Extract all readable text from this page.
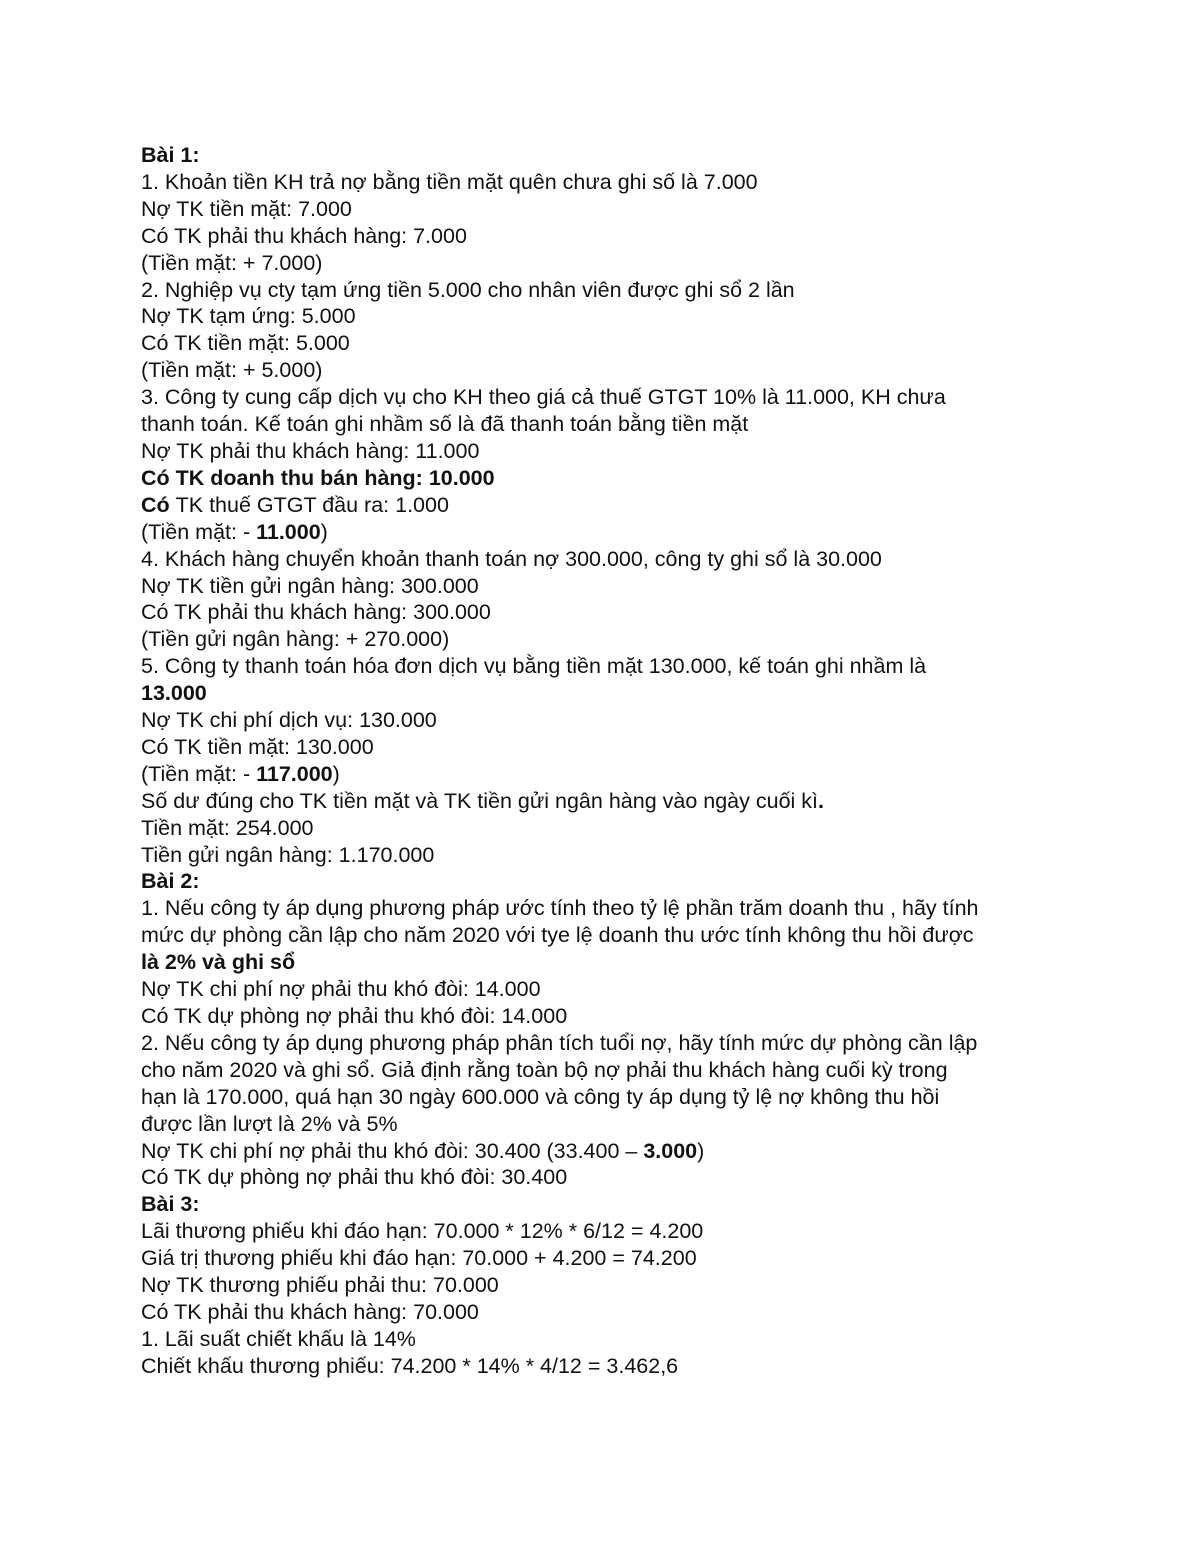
Bài 1:

1. Khoản tiền KH trả nợ bằng tiền mặt quên chưa ghi số là 7.000

Nợ TK tiền mặt: 7.000

Có TK phải thu khách hàng: 7.000

(Tiền mặt: + 7.000)

2. Nghiệp vụ cty tạm ứng tiền 5.000 cho nhân viên được ghi sổ 2 lần

Nợ TK tạm ứng: 5.000

Có TK tiền mặt: 5.000

(Tiền mặt: + 5.000)

3. Công ty cung cấp dịch vụ cho KH theo giá cả thuế GTGT 10% là 11.000, KH chưa

thanh toán. Kế toán ghi nhầm số là đã thanh toán bằng tiền mặt

Nợ TK phải thu khách hàng: 11.000

Có TK doanh thu bán hàng: 10.000

Có TK thuế GTGT đầu ra: 1.000

(Tiền mặt: - 11.000)

4. Khách hàng chuyển khoản thanh toán nợ 300.000, công ty ghi sổ là 30.000

Nợ TK tiền gửi ngân hàng: 300.000

Có TK phải thu khách hàng: 300.000

(Tiền gửi ngân hàng: + 270.000)

5. Công ty thanh toán hóa đơn dịch vụ bằng tiền mặt 130.000, kế toán ghi nhầm là

13.000

Nợ TK chi phí dịch vụ: 130.000

Có TK tiền mặt: 130.000

(Tiền mặt: - 117.000)

Số dư đúng cho TK tiền mặt và TK tiền gửi ngân hàng vào ngày cuối kì.

Tiền mặt: 254.000

Tiền gửi ngân hàng: 1.170.000

Bài 2:

1. Nếu công ty áp dụng phương pháp ước tính theo tỷ lệ phần trăm doanh thu , hãy tính

mức dự phòng cần lập cho năm 2020 với tye lệ doanh thu ước tính không thu hồi được

là 2% và ghi sổ

Nợ TK chi phí nợ phải thu khó đòi: 14.000

Có TK dự phòng nợ phải thu khó đòi: 14.000

2. Nếu công ty áp dụng phương pháp phân tích tuổi nợ, hãy tính mức dự phòng cần lập

cho năm 2020 và ghi sổ. Giả định rằng toàn bộ nợ phải thu khách hàng cuối kỳ trong

hạn là 170.000, quá hạn 30 ngày 600.000 và công ty áp dụng tỷ lệ nợ không thu hồi

được lần lượt là 2% và 5%

Nợ TK chi phí nợ phải thu khó đòi: 30.400 (33.400 – 3.000)

Có TK dự phòng nợ phải thu khó đòi: 30.400

Bài 3:

Lãi thương phiếu khi đáo hạn: 70.000 * 12% * 6/12 = 4.200

Giá trị thương phiếu khi đáo hạn: 70.000 + 4.200 = 74.200

Nợ TK thương phiếu phải thu: 70.000

Có TK phải thu khách hàng: 70.000

1. Lãi suất chiết khấu là 14%

Chiết khấu thương phiếu: 74.200 * 14% * 4/12 = 3.462,6
